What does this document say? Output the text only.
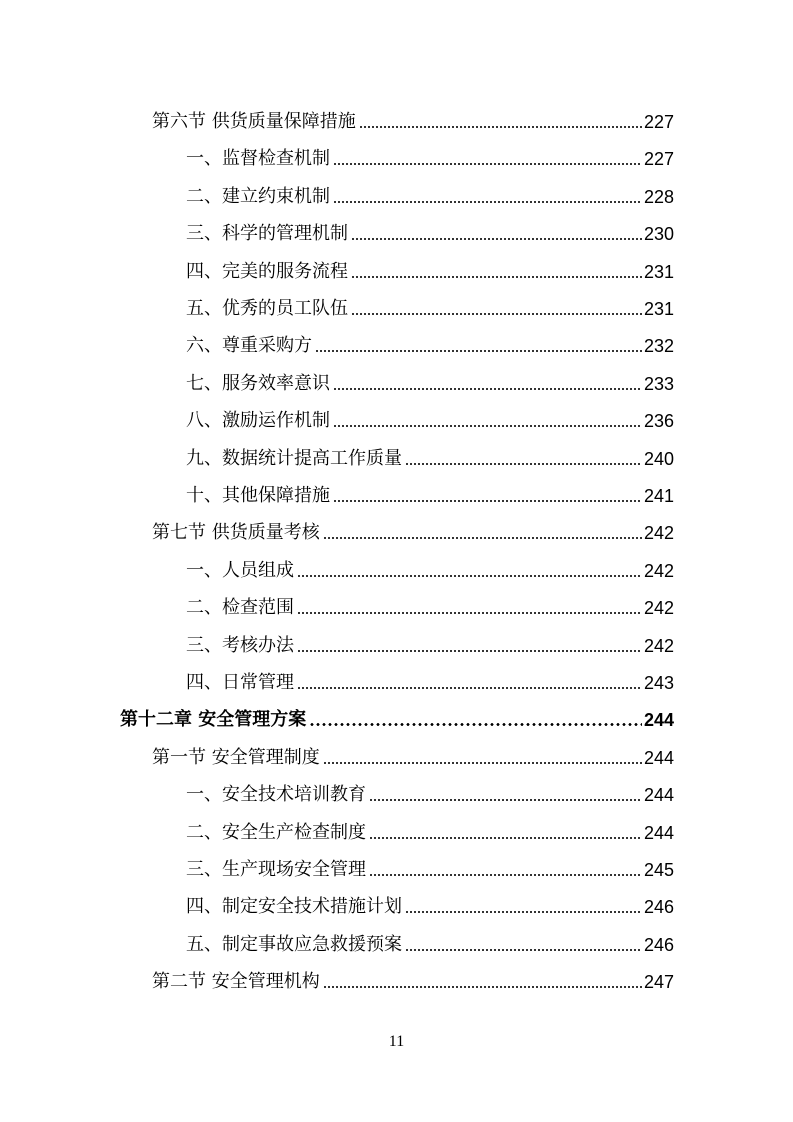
第六节 供货质量保障措施	227
一、监督检查机制	227
二、建立约束机制	228
三、科学的管理机制	230
四、完美的服务流程	231
五、优秀的员工队伍	231
六、尊重采购方	232
七、服务效率意识	233
八、激励运作机制	236
九、数据统计提高工作质量	240
十、其他保障措施	241
第七节 供货质量考核	242
一、人员组成	242
二、检查范围	242
三、考核办法	242
四、日常管理	243
第十二章 安全管理方案	244
第一节 安全管理制度	244
一、安全技术培训教育	244
二、安全生产检查制度	244
三、生产现场安全管理	245
四、制定安全技术措施计划	246
五、制定事故应急救援预案	246
第二节 安全管理机构	247
11
